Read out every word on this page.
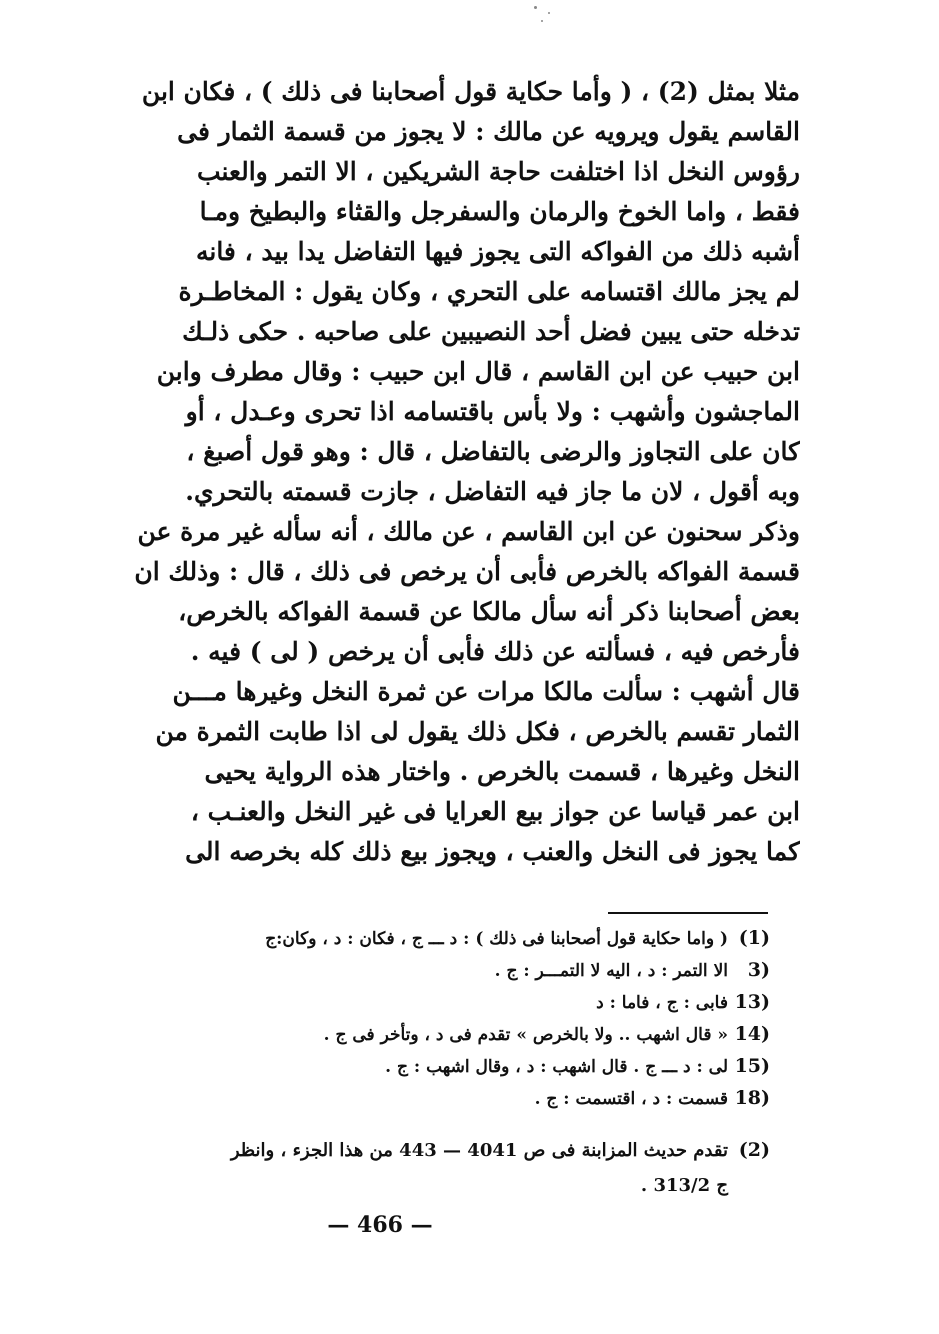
مثلا بمثل (2) ، ( وأما حكاية قول أصحابنا فى ذلك ) ، فكان ابن
القاسم يقول ويرويه عن مالك : لا يجوز من قسمة الثمار فى
رؤوس النخل اذا اختلفت حاجة الشريكين ، الا التمر والعنب
فقط ، واما الخوخ والرمان والسفرجل والقثاء والبطيخ ومـا
أشبه ذلك من الفواكه التى يجوز فيها التفاضل يدا بيد ، فانه
لم يجز مالك اقتسامه على التحري ، وكان يقول : المخاطـرة
تدخله حتى يبين فضل أحد النصيبين على صاحبه . حكى ذلـك
ابن حبيب عن ابن القاسم ، قال ابن حبيب : وقال مطرف وابن
الماجشون وأشهب : ولا بأس باقتسامه اذا تحرى وعـدل ، أو
كان على التجاوز والرضى بالتفاضل ، قال : وهو قول أصبغ ،
وبه أقول ، لان ما جاز فيه التفاضل ، جازت قسمته بالتحري.
وذكر سحنون عن ابن القاسم ، عن مالك ، أنه سأله غير مرة عن
قسمة الفواكه بالخرص فأبى أن يرخص فى ذلك ، قال : وذلك ان
بعض أصحابنا ذكر أنه سأل مالكا عن قسمة الفواكه بالخرص،
فأرخص فيه ، فسألته عن ذلك فأبى أن يرخص ( لى ) فيه .
قال أشهب : سألت مالكا مرات عن ثمرة النخل وغيرها مـــن
الثمار تقسم بالخرص ، فكل ذلك يقول لى اذا طابت الثمرة من
النخل وغيرها ، قسمت بالخرص . واختار هذه الرواية يحيى
ابن عمر قياسا عن جواز بيع العرايا فى غير النخل والعنـب ،
كما يجوز فى النخل والعنب ، ويجوز بيع ذلك كله بخرصه الى
(1)
( واما حكاية قول أصحابنا فى ذلك ) : د ـــ ج ، فكان : د ، وكان:ج
3)
الا التمر : د ، اليه لا التمـــر : ج .
13)
فابى : ج ، فاما : د
14)
« قال اشهب .. ولا بالخرص » تقدم فى د ، وتأخر فى ج .
15)
لى : د ـــ ج . قال اشهب : د ، وقال اشهب : ج .
18)
قسمت : د ، اقتسمت : ج .
(2)
تقدم حديث المزابنة فى ص 4041 — 443 من هذا الجزء ، وانظر
ج 313/2 .
— 466 —
